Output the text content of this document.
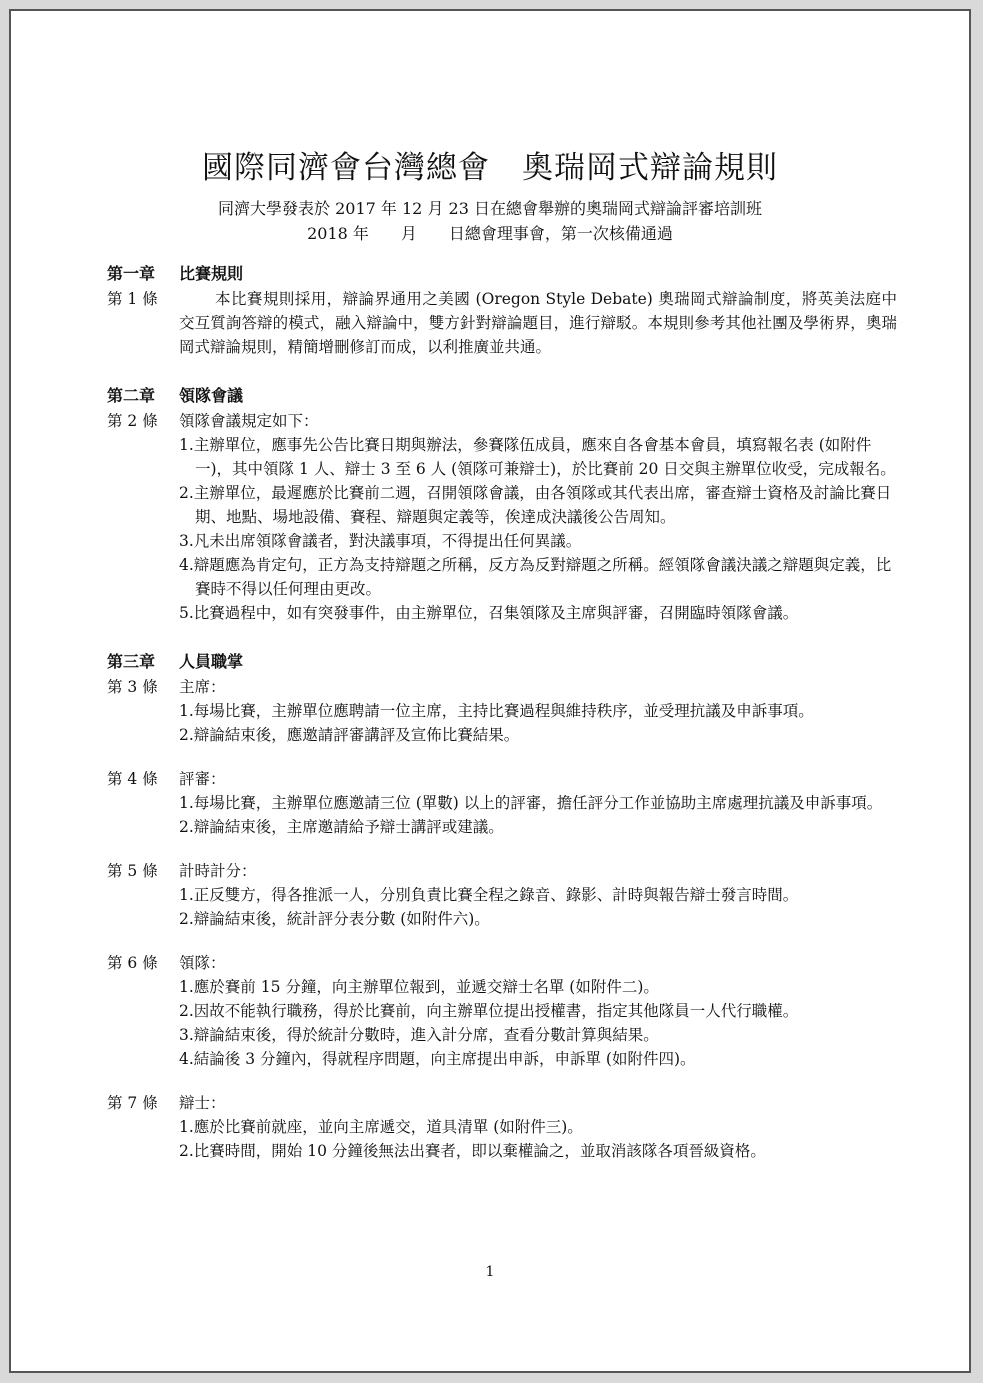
國際同濟會台灣總會　奧瑞岡式辯論規則
同濟大學發表於 2017 年 12 月 23 日在總會舉辦的奧瑞岡式辯論評審培訓班
2018 年　　月　　日總會理事會，第一次核備通過
第一章 比賽規則
第 1 條	本比賽規則採用，辯論界通用之美國 (Oregon Style Debate) 奧瑞岡式辯論制度，將英美法庭中交互質詢答辯的模式，融入辯論中，雙方針對辯論題目，進行辯駁。本規則參考其他社團及學術界，奧瑞岡式辯論規則，精簡增刪修訂而成，以利推廣並共通。
第二章 領隊會議
第 2 條 領隊會議規定如下：
1.主辦單位，應事先公告比賽日期與辦法，參賽隊伍成員，應來自各會基本會員，填寫報名表 (如附件一)，其中領隊 1 人、辯士 3 至 6 人 (領隊可兼辯士)，於比賽前 20 日交與主辦單位收受，完成報名。
2.主辦單位，最遲應於比賽前二週，召開領隊會議，由各領隊或其代表出席，審查辯士資格及討論比賽日期、地點、場地設備、賽程、辯題與定義等，俟達成決議後公告周知。
3.凡未出席領隊會議者，對決議事項，不得提出任何異議。
4.辯題應為肯定句，正方為支持辯題之所稱，反方為反對辯題之所稱。經領隊會議決議之辯題與定義，比賽時不得以任何理由更改。
5.比賽過程中，如有突發事件，由主辦單位，召集領隊及主席與評審，召開臨時領隊會議。
第三章 人員職掌
第 3 條 主席：
1.每場比賽，主辦單位應聘請一位主席，主持比賽過程與維持秩序，並受理抗議及申訴事項。
2.辯論結束後，應邀請評審講評及宣佈比賽結果。
第 4 條 評審：
1.每場比賽，主辦單位應邀請三位 (單數) 以上的評審，擔任評分工作並協助主席處理抗議及申訴事項。
2.辯論結束後，主席邀請給予辯士講評或建議。
第 5 條 計時計分：
1.正反雙方，得各推派一人，分別負責比賽全程之錄音、錄影、計時與報告辯士發言時間。
2.辯論結束後，統計評分表分數 (如附件六)。
第 6 條 領隊：
1.應於賽前 15 分鐘，向主辦單位報到，並遞交辯士名單 (如附件二)。
2.因故不能執行職務，得於比賽前，向主辦單位提出授權書，指定其他隊員一人代行職權。
3.辯論結束後，得於統計分數時，進入計分席，查看分數計算與結果。
4.結論後 3 分鐘內，得就程序問題，向主席提出申訴，申訴單 (如附件四)。
第 7 條 辯士：
1.應於比賽前就座，並向主席遞交，道具清單 (如附件三)。
2.比賽時間，開始 10 分鐘後無法出賽者，即以棄權論之，並取消該隊各項晉級資格。
1
